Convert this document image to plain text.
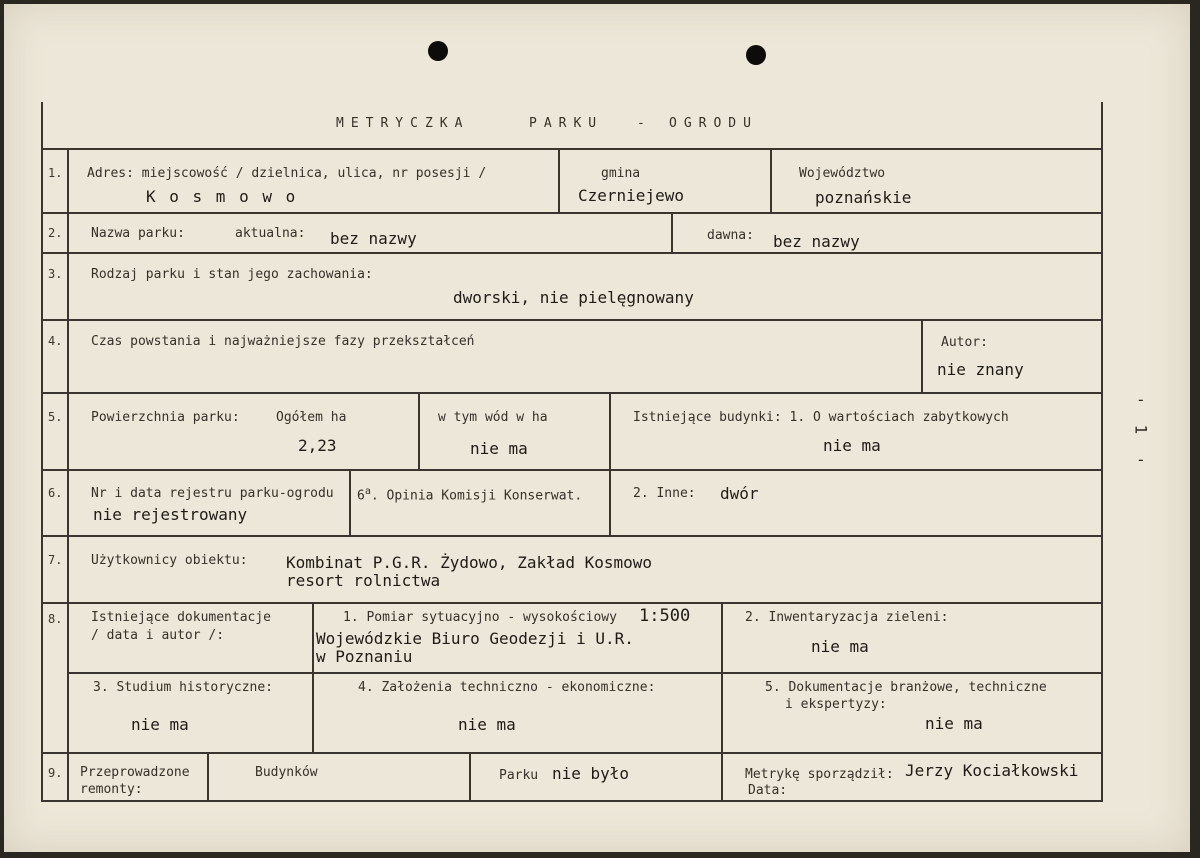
-
1
-
METRYCZKA	PARKU	- OGRODU
1. Adres: miejscowość / dzielnica, ulica, nr posesji /
K o s m o w o
gmina
Czerniejewo
Województwo
poznańskie
2. Nazwa parku:	aktualna: bez nazwy	dawna: bez nazwy
3. Rodzaj parku i stan jego zachowania:
dworski, nie pielęgnowany
4. Czas powstania i najważniejsze fazy przekształceń	Autor:
nie znany
5. Powierzchnia parku:	Ogółem ha
2,23
w tym wód w ha
nie ma
Istniejące budynki: 1. O wartościach zabytkowych
nie ma
6. Nr i data rejestru parku-ogrodu
nie rejestrowany
6$^a$. Opinia Komisji Konserwat.	2. Inne: dwór
7. Użytkownicy obiektu: Kombinat P.G.R. Żydowo, Zakład Kosmowo
resort rolnictwa
8. Istniejące dokumentacje
/ data i autor /:
1. Pomiar sytuacyjno - wysokościowy 1:500
Wojewódzkie Biuro Geodezji i U.R.
w Poznaniu
2. Inwentaryzacja zieleni:
nie ma
3. Studium historyczne:
nie ma
4. Założenia techniczno - ekonomiczne:
nie ma
5. Dokumentacje branżowe, techniczne
i ekspertyzy:
nie ma
9. Przeprowadzone
remonty:
Budynków	Parku nie było	Metrykę sporządził: Jerzy Kociałkowski
Data:
